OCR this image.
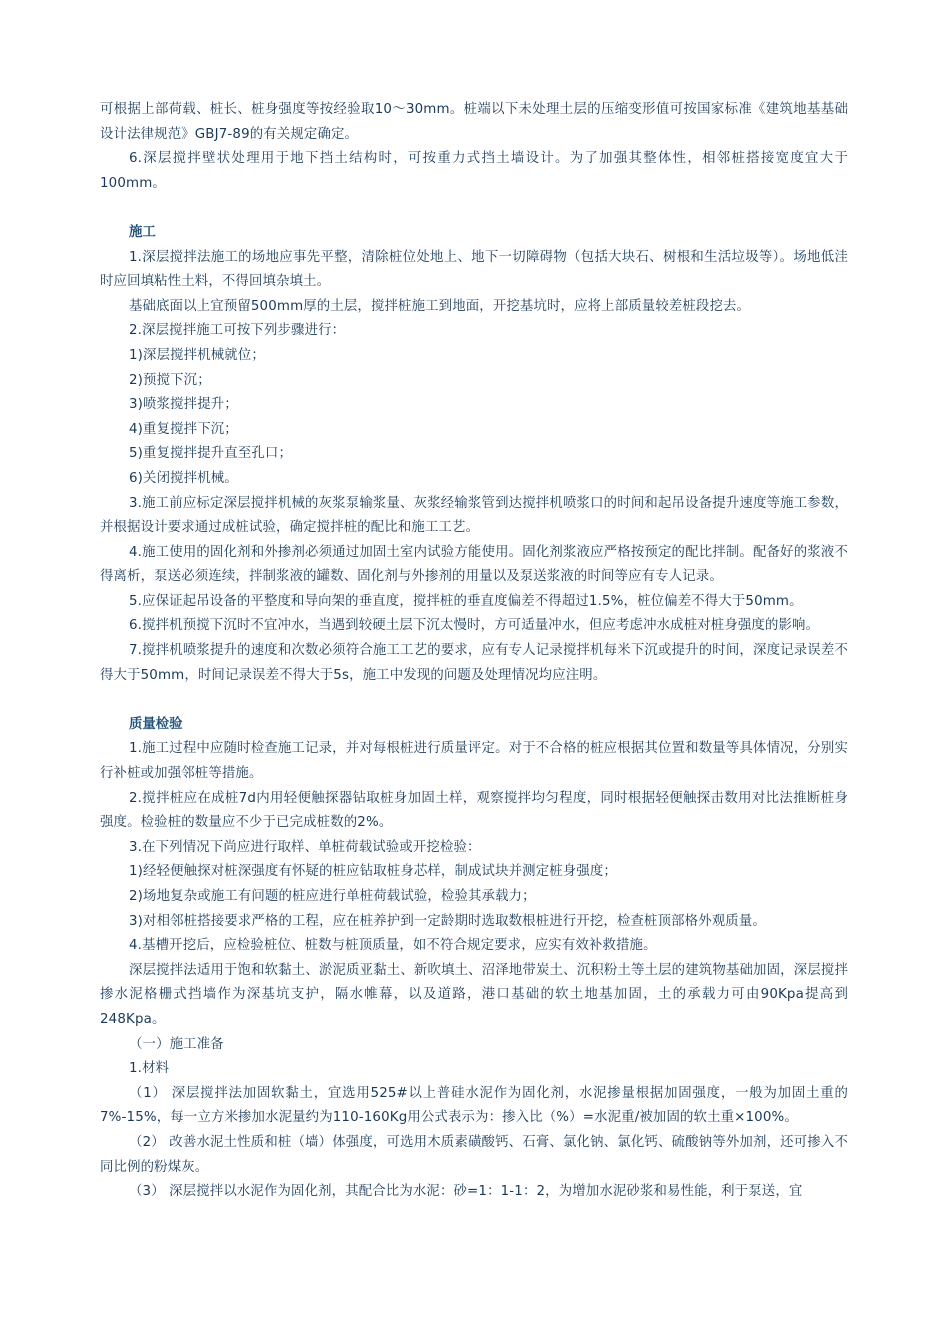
可根据上部荷载、桩长、桩身强度等按经验取10～30mm。桩端以下未处理土层的压缩变形值可按国家标准《建筑地基基础设计法律规范》GBJ7-89的有关规定确定。

6.深层搅拌壁状处理用于地下挡土结构时，可按重力式挡土墙设计。为了加强其整体性，相邻桩搭接宽度宜大于100mm。

施工

1.深层搅拌法施工的场地应事先平整，清除桩位处地上、地下一切障碍物（包括大块石、树根和生活垃圾等）。场地低洼时应回填粘性土料，不得回填杂填土。

基础底面以上宜预留500mm厚的土层，搅拌桩施工到地面，开挖基坑时，应将上部质量较差桩段挖去。

2.深层搅拌施工可按下列步骤进行：

1)深层搅拌机械就位；

2)预搅下沉；

3)喷浆搅拌提升；

4)重复搅拌下沉；

5)重复搅拌提升直至孔口；

6)关闭搅拌机械。

3.施工前应标定深层搅拌机械的灰浆泵输浆量、灰浆经输浆管到达搅拌机喷浆口的时间和起吊设备提升速度等施工参数，并根据设计要求通过成桩试验，确定搅拌桩的配比和施工工艺。

4.施工使用的固化剂和外掺剂必须通过加固土室内试验方能使用。固化剂浆液应严格按预定的配比拌制。配备好的浆液不得离析，泵送必须连续，拌制浆液的罐数、固化剂与外掺剂的用量以及泵送浆液的时间等应有专人记录。

5.应保证起吊设备的平整度和导向架的垂直度，搅拌桩的垂直度偏差不得超过1.5%，桩位偏差不得大于50mm。

6.搅拌机预搅下沉时不宜冲水，当遇到较硬土层下沉太慢时，方可适量冲水，但应考虑冲水成桩对桩身强度的影响。

7.搅拌机喷浆提升的速度和次数必须符合施工工艺的要求，应有专人记录搅拌机每米下沉或提升的时间，深度记录误差不得大于50mm，时间记录误差不得大于5s，施工中发现的问题及处理情况均应注明。

质量检验

1.施工过程中应随时检查施工记录，并对每根桩进行质量评定。对于不合格的桩应根据其位置和数量等具体情况，分别实行补桩或加强邻桩等措施。

2.搅拌桩应在成桩7d内用轻便触探器钻取桩身加固土样，观察搅拌均匀程度，同时根据轻便触探击数用对比法推断桩身强度。检验桩的数量应不少于已完成桩数的2%。

3.在下列情况下尚应进行取样、单桩荷载试验或开挖检验：

1)经轻便触探对桩深强度有怀疑的桩应钻取桩身芯样，制成试块并测定桩身强度；

2)场地复杂或施工有问题的桩应进行单桩荷载试验，检验其承载力；

3)对相邻桩搭接要求严格的工程，应在桩养护到一定龄期时选取数根桩进行开挖，检查桩顶部格外观质量。

4.基槽开挖后，应检验桩位、桩数与桩顶质量，如不符合规定要求，应实有效补救措施。

深层搅拌法适用于饱和软黏土、淤泥质亚黏土、新吹填土、沼泽地带炭土、沉积粉土等土层的建筑物基础加固，深层搅拌掺水泥格栅式挡墙作为深基坑支护，隔水帷幕，以及道路，港口基础的软土地基加固，土的承载力可由90Kpa提高到248Kpa。

（一）施工准备

1.材料

（1） 深层搅拌法加固软黏土，宜选用525#以上普硅水泥作为固化剂，水泥掺量根据加固强度，一般为加固土重的7%-15%，每一立方米掺加水泥量约为110-160Kg用公式表示为：掺入比（%）=水泥重/被加固的软土重×100%。

（2） 改善水泥土性质和桩（墙）体强度，可选用木质素磺酸钙、石膏、氯化钠、氯化钙、硫酸钠等外加剂，还可掺入不同比例的粉煤灰。

（3） 深层搅拌以水泥作为固化剂，其配合比为水泥：砂=1：1-1：2，为增加水泥砂浆和易性能，利于泵送，宜
